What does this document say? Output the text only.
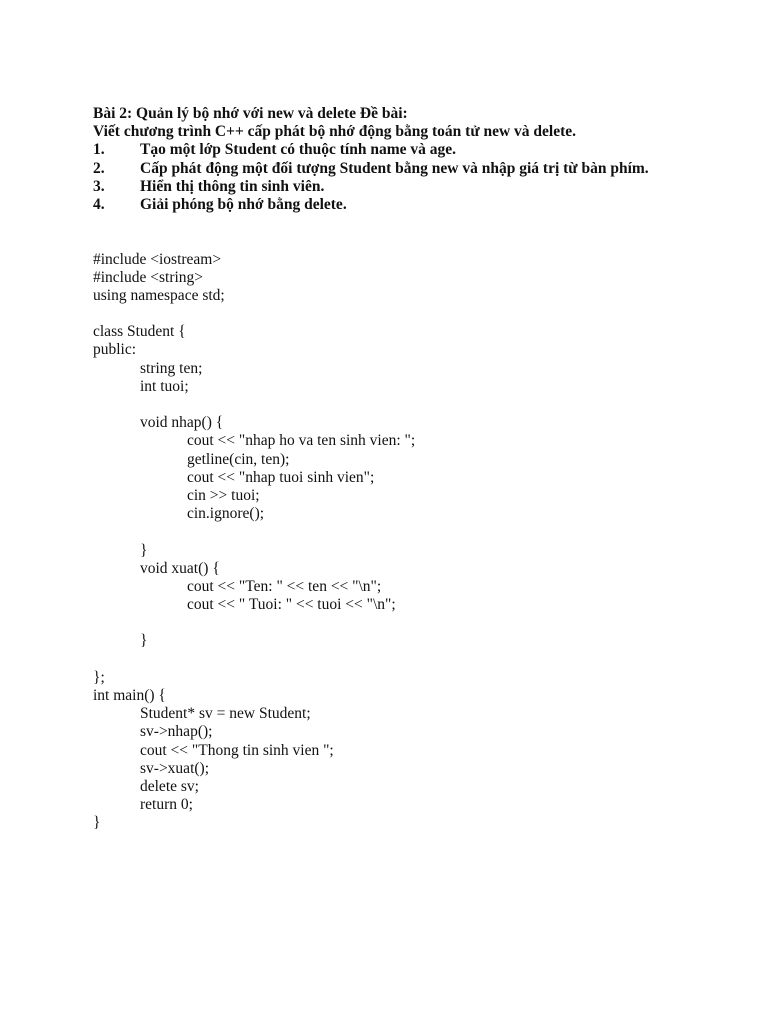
Bài 2: Quản lý bộ nhớ với new và delete Đề bài:
Viết chương trình C++ cấp phát bộ nhớ động bằng toán tử new và delete.
1. Tạo một lớp Student có thuộc tính name và age.
2. Cấp phát động một đối tượng Student bằng new và nhập giá trị từ bàn phím.
3. Hiển thị thông tin sinh viên.
4. Giải phóng bộ nhớ bằng delete.
#include <iostream>
#include <string>
using namespace std;
class Student {
public:
string ten;
int tuoi;
void nhap() {
cout << "nhap ho va ten sinh vien: ";
getline(cin, ten);
cout << "nhap tuoi sinh vien";
cin >> tuoi;
cin.ignore();
}
void xuat() {
cout << "Ten: " << ten << "\n";
cout << " Tuoi: " << tuoi << "\n";
}
};
int main() {
Student* sv = new Student;
sv->nhap();
cout << "Thong tin sinh vien ";
sv->xuat();
delete sv;
return 0;
}
